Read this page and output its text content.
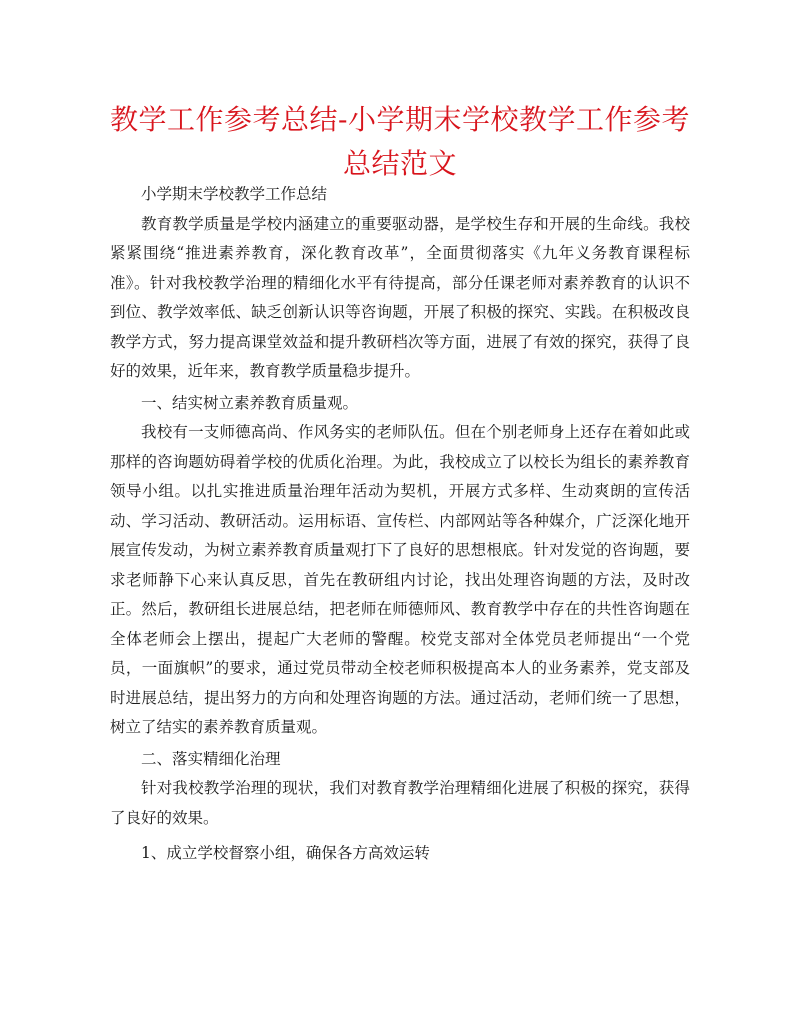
教学工作参考总结-小学期末学校教学工作参考总结范文

小学期末学校教学工作总结

教育教学质量是学校内涵建立的重要驱动器，是学校生存和开展的生命线。我校紧紧围绕“推进素养教育，深化教育改革”，全面贯彻落实《九年义务教育课程标准》。针对我校教学治理的精细化水平有待提高，部分任课老师对素养教育的认识不到位、教学效率低、缺乏创新认识等咨询题，开展了积极的探究、实践。在积极改良教学方式，努力提高课堂效益和提升教研档次等方面，进展了有效的探究，获得了良好的效果，近年来，教育教学质量稳步提升。

一、结实树立素养教育质量观。

我校有一支师德高尚、作风务实的老师队伍。但在个别老师身上还存在着如此或那样的咨询题妨碍着学校的优质化治理。为此，我校成立了以校长为组长的素养教育领导小组。以扎实推进质量治理年活动为契机，开展方式多样、生动爽朗的宣传活动、学习活动、教研活动。运用标语、宣传栏、内部网站等各种媒介，广泛深化地开展宣传发动，为树立素养教育质量观打下了良好的思想根底。针对发觉的咨询题，要求老师静下心来认真反思，首先在教研组内讨论，找出处理咨询题的方法，及时改正。然后，教研组长进展总结，把老师在师德师风、教育教学中存在的共性咨询题在全体老师会上摆出，提起广大老师的警醒。校党支部对全体党员老师提出“一个党员，一面旗帜”的要求，通过党员带动全校老师积极提高本人的业务素养，党支部及时进展总结，提出努力的方向和处理咨询题的方法。通过活动，老师们统一了思想，树立了结实的素养教育质量观。

二、落实精细化治理

针对我校教学治理的现状，我们对教育教学治理精细化进展了积极的探究，获得了良好的效果。

1、成立学校督察小组，确保各方高效运转
